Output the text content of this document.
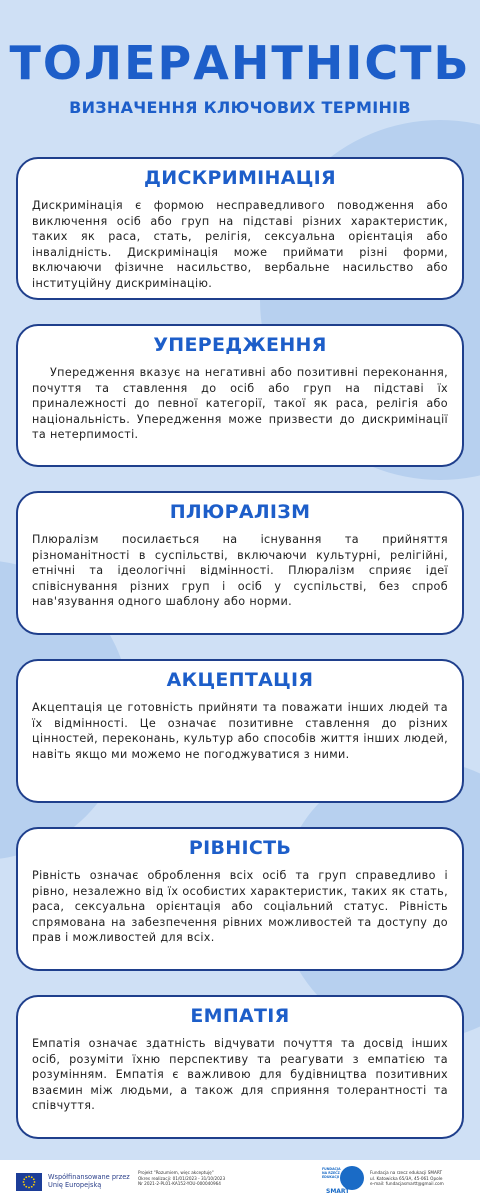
ТОЛЕРАНТНІСТЬ
ВИЗНАЧЕННЯ КЛЮЧОВИХ ТЕРМІНІВ
ДИСКРИМІНАЦІЯ

Дискримінація є формою несправедливого поводження або виключення осіб або груп на підставі різних характеристик, таких як раса, стать, релігія, сексуальна орієнтація або інвалідність. Дискримінація може приймати різні форми, включаючи фізичне насильство, вербальне насильство або інституційну дискримінацію.

УПЕРЕДЖЕННЯ

Упередження вказує на негативні або позитивні переконання, почуття та ставлення до осіб або груп на підставі їх приналежності до певної категорії, такої як раса, релігія або національність. Упередження може призвести до дискримінації та нетерпимості.

ПЛЮРАЛІЗМ

Плюралізм посилається на існування та прийняття різноманітності в суспільстві, включаючи культурні, релігійні, етнічні та ідеологічні відмінності. Плюралізм сприяє ідеї співіснування різних груп і осіб у суспільстві, без спроб нав'язування одного шаблону або норми.

АКЦЕПТАЦІЯ

Акцептація це готовність прийняти та поважати інших людей та їх відмінності. Це означає позитивне ставлення до різних цінностей, переконань, культур або способів життя інших людей, навіть якщо ми можемо не погоджуватися з ними.

РІВНІСТЬ

Рівність означає оброблення всіх осіб та груп справедливо і рівно, незалежно від їх особистих характеристик, таких як стать, раса, сексуальна орієнтація або соціальний статус. Рівність спрямована на забезпечення рівних можливостей та доступу до прав і можливостей для всіх.

ЕМПАТІЯ

Емпатія означає здатність відчувати почуття та досвід інших осіб, розуміти їхню перспективу та реагувати з емпатією та розумінням. Емпатія є важливою для будівництва позитивних взаємин між людьми, а також для сприяння толерантності та співчуття.

Współfinansowane przez Unię Europejską
Projekt "Rozumiem, więc akceptuję"
Okres realizacji: 01/01/2023 - 31/10/2023
Nr 2021-2-PL01-KA152-YOU-000040964
FUNDACJA NA RZECZ EDUKACJI
SMART
Fundacja na rzecz edukacji SMART
ul. Katowicka 65/3A, 45-061 Opole
e-mail: fundacjasmartt@gmail.com
